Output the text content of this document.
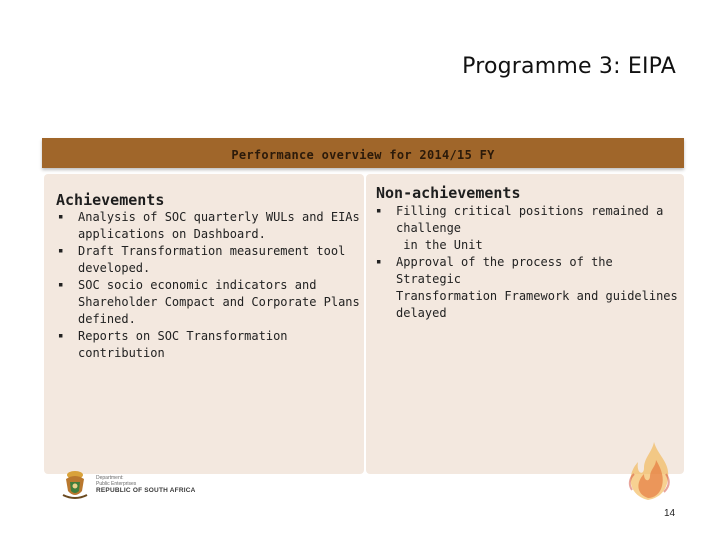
Programme 3: EIPA
Performance overview for 2014/15 FY
Achievements
▪ Analysis of SOC quarterly WULs and EIAs
applications on Dashboard.
▪ Draft Transformation measurement tool
developed.
▪ SOC socio economic indicators and
Shareholder Compact and Corporate Plans
defined.
▪ Reports on SOC Transformation contribution
Non-achievements
▪ Filling critical positions remained a challenge
in the Unit
▪ Approval of the process of the Strategic
Transformation Framework and guidelines
delayed
Department:
Public Enterprises
REPUBLIC OF SOUTH AFRICA
14
